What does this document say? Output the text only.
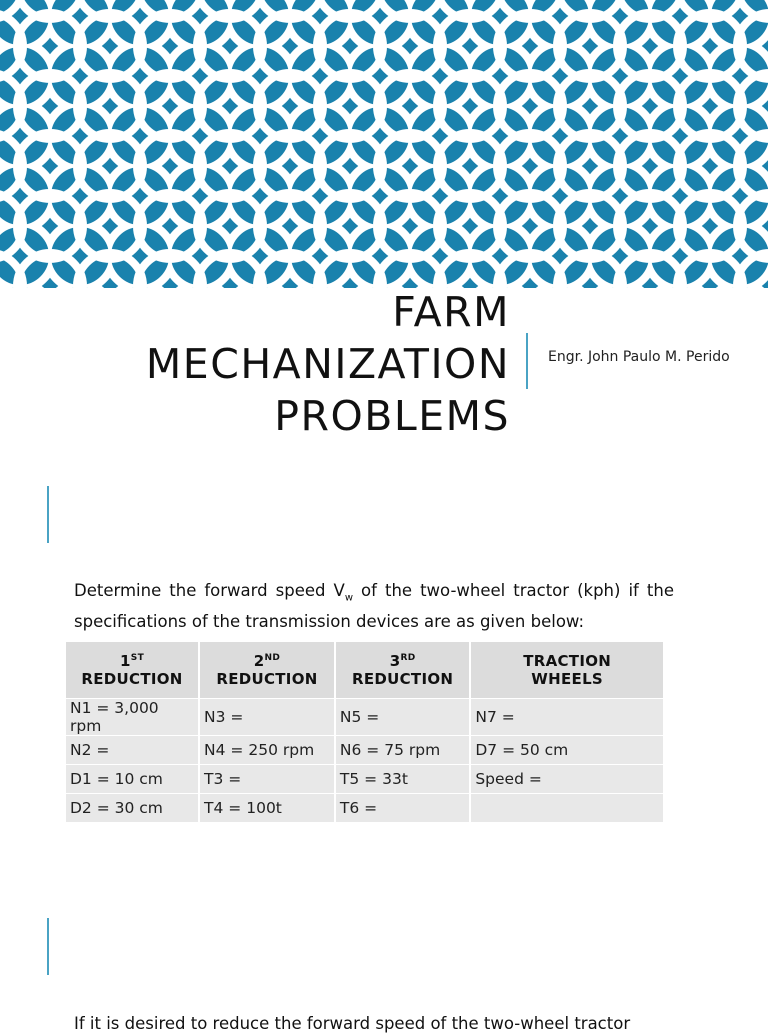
FARM
MECHANIZATION
PROBLEMS
Engr. John Paulo M. Perido
Determine the forward speed $V_w$ of the two-wheel tractor (kph) if the specifications of the transmission devices are as given below:
1ST REDUCTION	2ND REDUCTION	3RD REDUCTION	TRACTION WHEELS
N1 = 3,000 rpm	N3 =	N5 =	N7 =
N2 =	N4 = 250 rpm	N6 = 75 rpm	D7 = 50 cm
D1 = 10 cm	T3 =	T5 = 33t	Speed =
D2 = 30 cm	T4 = 100t	T6 =	
If it is desired to reduce the forward speed of the two-wheel tractor
